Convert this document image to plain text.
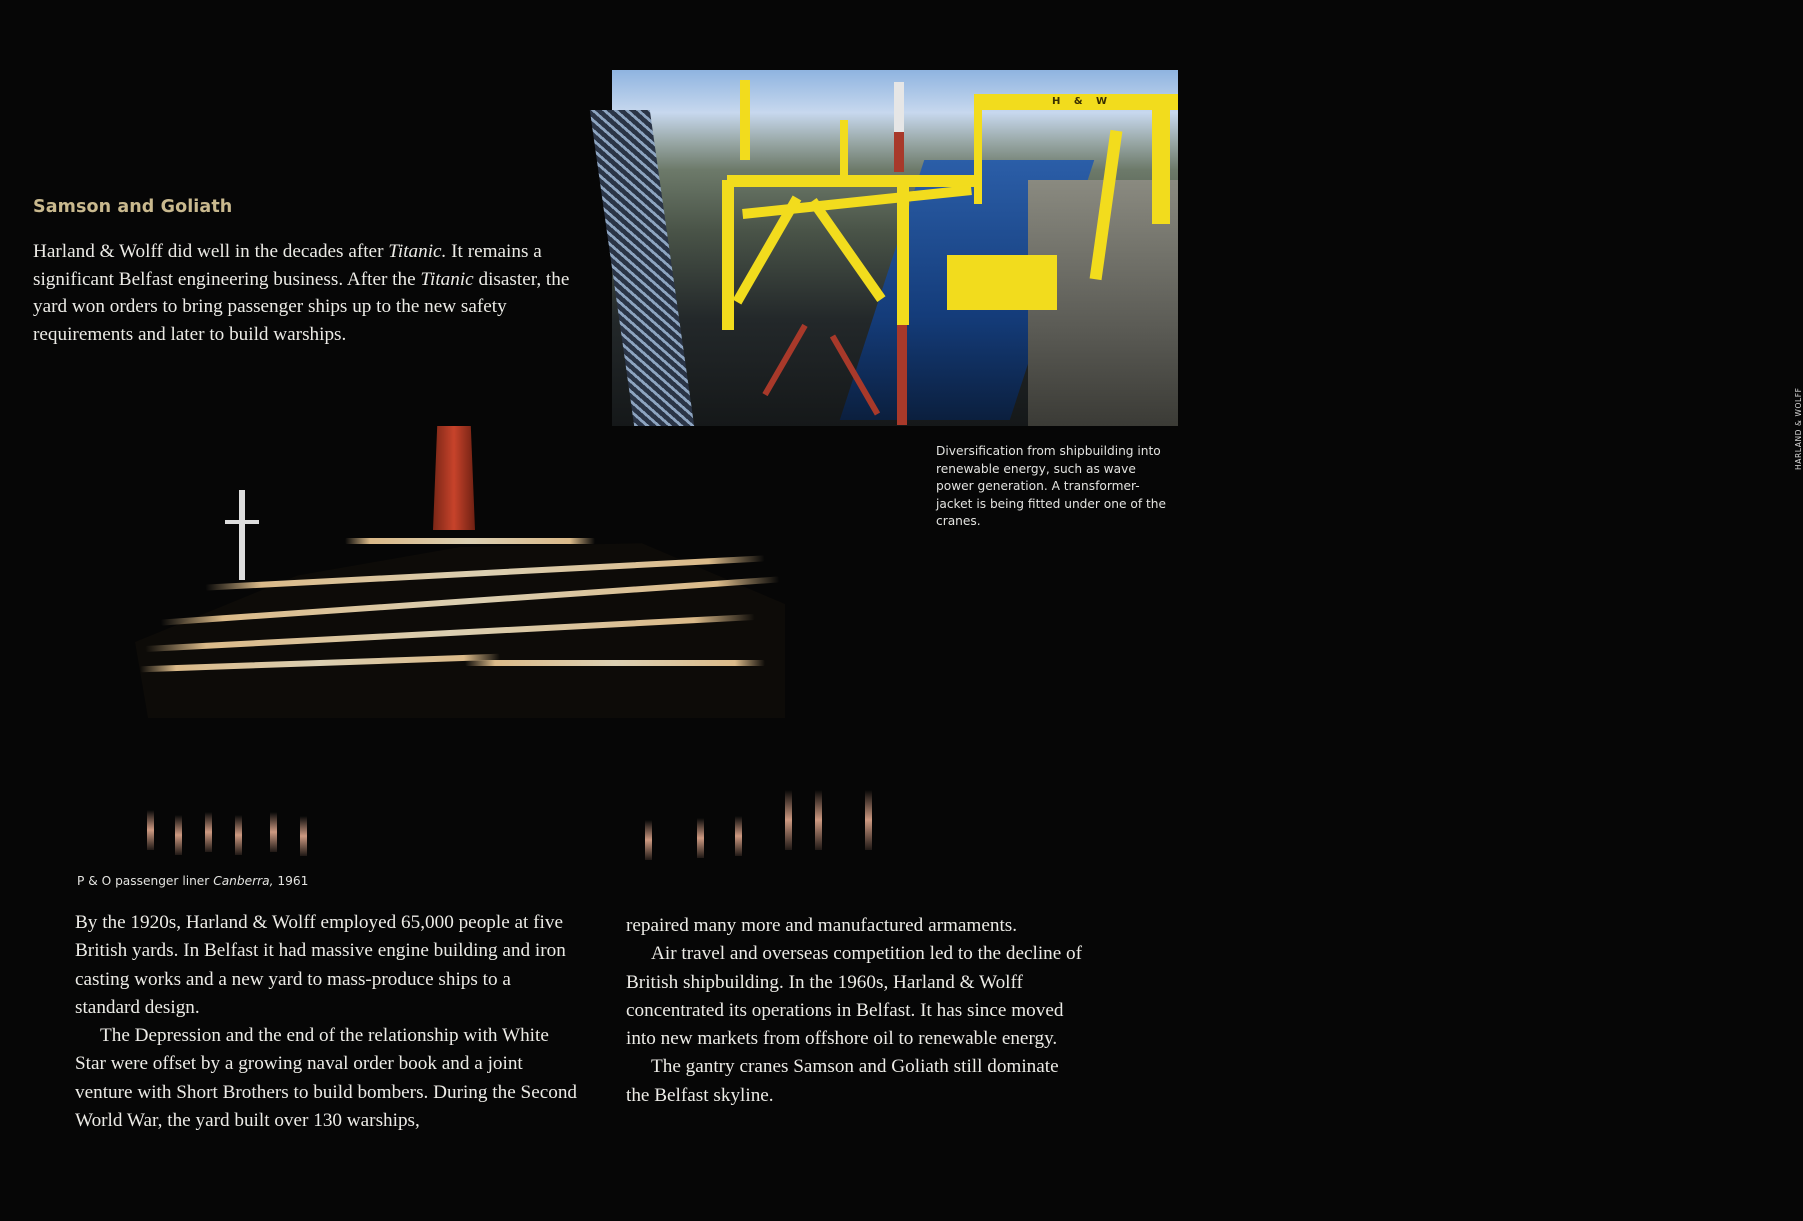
Samson and Goliath
Harland & Wolff did well in the decades after Titanic. It remains a significant Belfast engineering business. After the Titanic disaster, the yard won orders to bring passenger ships up to the new safety requirements and later to build warships.
H & W
HARLAND & WOLFF
Diversification from shipbuilding into renewable energy, such as wave power generation. A transformer-jacket is being fitted under one of the cranes.
P & O passenger liner Canberra, 1961

By the 1920s, Harland & Wolff employed 65,000 people at five British yards. In Belfast it had massive engine building and iron casting works and a new yard to mass-produce ships to a standard design.

The Depression and the end of the relationship with White Star were offset by a growing naval order book and a joint venture with Short Brothers to build bombers. During the Second World War, the yard built over 130 warships,

repaired many more and manufactured armaments.

Air travel and overseas competition led to the decline of British shipbuilding. In the 1960s, Harland & Wolff concentrated its operations in Belfast. It has since moved into new markets from offshore oil to renewable energy.

The gantry cranes Samson and Goliath still dominate the Belfast skyline.
